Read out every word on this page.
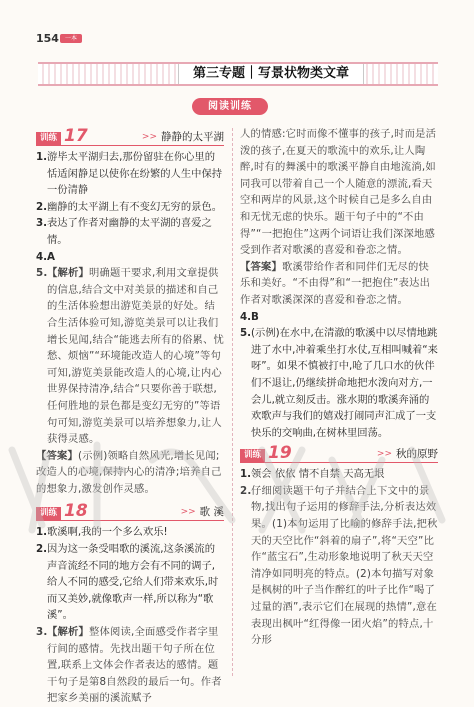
154	一本
第三专题｜写景状物类文章
阅读训练
训练 17	>> 静静的太平湖
1. 游毕太平湖归去,那份留驻在你心里的恬适闲静足以使你在纷繁的人生中保持一份清静
2. 幽静的太平湖上有不变幻无穷的景色。
3. 表达了作者对幽静的太平湖的喜爱之情。
4. A
5. 【解析】明确题干要求,利用文章提供的信息,结合文中对美景的描述和自己的生活体验想出游览美景的好处。结合生活体验可知,游览美景可以让我们增长见闻,结合“能逃去所有的俗累、忧愁、烦恼”“环境能改造人的心境”等句可知,游览美景能改造人的心境,让内心世界保持清净,结合“只要你善于联想,任何胜地的景色都是变幻无穷的”等语句可知,游览美景可以培养想象力,让人获得灵感。
【答案】(示例)领略自然风光,增长见闻;改造人的心境,保持内心的清净;培养自己的想象力,激发创作灵感。
训练 18	>> 歌 溪
1. 歌溪啊,我的一个多么欢乐!
2. 因为这一条受唱歌的溪流,这条溪流的声音流经不同的地方会有不同的调子,给人不同的感受,它给人们带来欢乐,时而又美妙,就像歌声一样,所以称为“歌溪”。
3. 【解析】整体阅读,全面感受作者字里行间的感情。先找出题干句子所在位置,联系上文体会作者表达的感情。题干句子是第8自然段的最后一句。作者把家乡美丽的溪流赋予
人的情感:它时而像不懂事的孩子,时而是活泼的孩子,在夏天的歌流中的欢乐,让人陶醉,时有的舞溪中的歌溪平静自由地流淌,如同我可以带着自己一个人随意的漂流,看天空和两岸的风景,这个时候自己是多么自由和无忧无虑的快乐。题干句子中的“不由得”“一把抱住”这两个词语让我们深深地感受到作者对歌溪的喜爱和眷恋之情。
【答案】歌溪带给作者和同伴们无尽的快乐和美好。“不由得”和“一把抱住”表达出作者对歌溪深深的喜爱和眷恋之情。
4. B
5. (示例)在水中,在清澈的歌溪中以尽情地跳进了水中,冲着乘坐打水仗,互相叫喊着“来呀”。如果不慎被打中,呛了几口水的伙伴们不退让,仍继续拼命地把水泼向对方,一会儿,就立刻反击。涨水期的歌溪奔涌的欢歌声与我们的嬉戏打闹同声汇成了一支快乐的交响曲,在树林里回荡。
训练 19	>> 秋的原野
1. 领会 依依 情不自禁 天高无垠
2. 仔细阅读题干句子并结合上下文中的景物,找出句子运用的修辞手法,分析表达效果。(1)本句运用了比喻的修辞手法,把秋天的天空比作“斜着的扇子”,将“天空”比作“蓝宝石”,生动形象地说明了秋天天空清净如同明亮的特点。(2)本句描写对象是枫树的叶子当作醉红的叶子比作“喝了过量的酒”,表示它们在展现的热情”,意在表现出枫叶“红得像一团火焰”的特点,十分形
